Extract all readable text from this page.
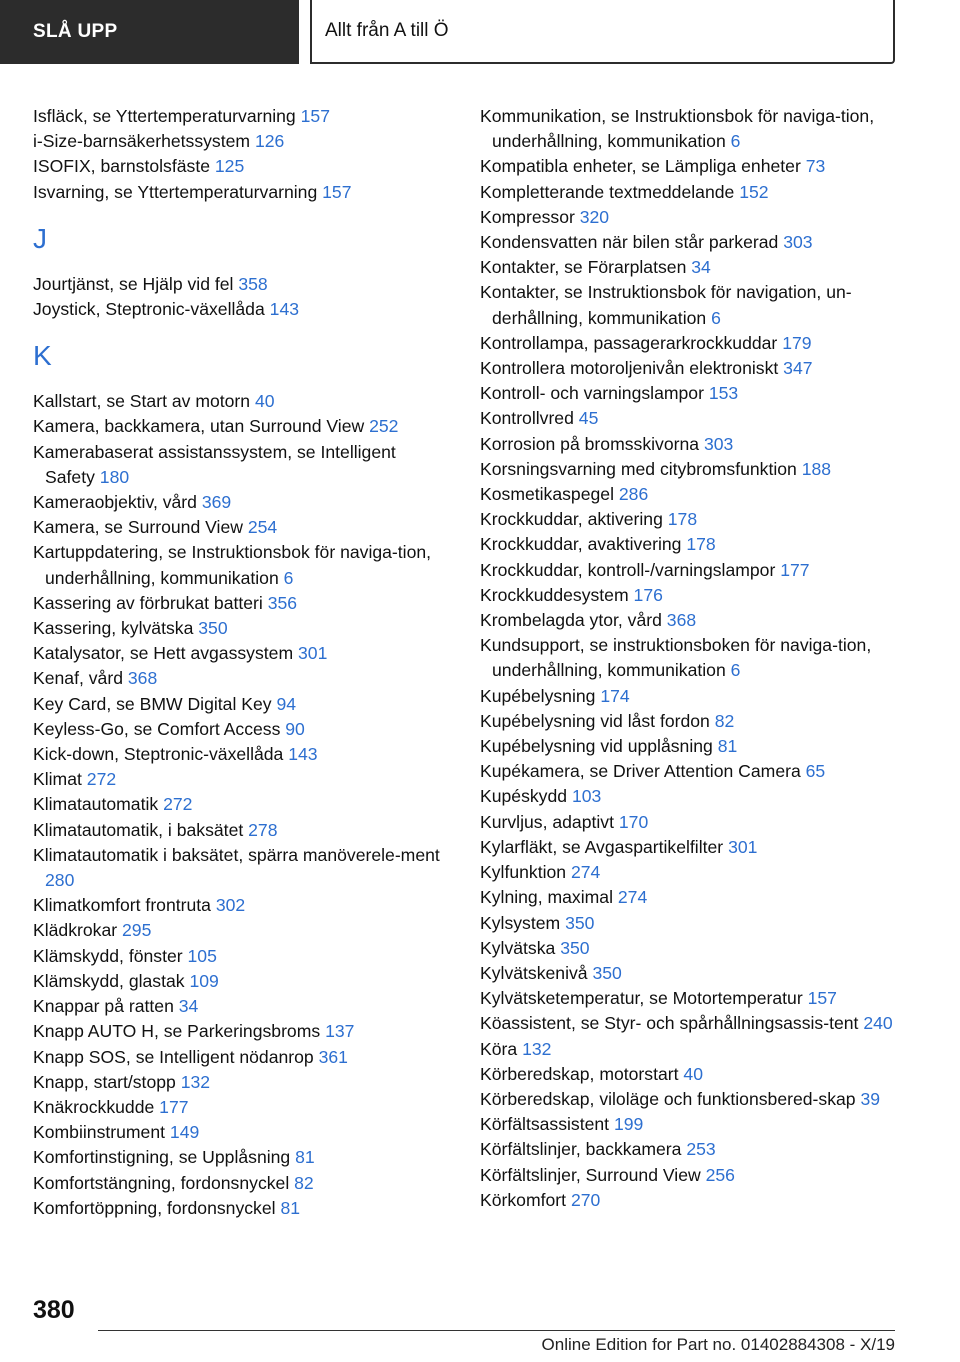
SLÅ UPP	Allt från A till Ö
Isfläck, se Yttertemperaturvarning 157
i-Size-barnsäkerhetssystem 126
ISOFIX, barnstolsfäste 125
Isvarning, se Yttertemperaturvarning 157
J
Jourtjänst, se Hjälp vid fel 358
Joystick, Steptronic-växellåda 143
K
Kallstart, se Start av motorn 40
Kamera, backkamera, utan Surround View 252
Kamerabaserat assistanssystem, se Intelligent Safety 180
Kameraobjektiv, vård 369
Kamera, se Surround View 254
Kartuppdatering, se Instruktionsbok för naviga-tion, underhållning, kommunikation 6
Kassering av förbrukat batteri 356
Kassering, kylvätska 350
Katalysator, se Hett avgassystem 301
Kenaf, vård 368
Key Card, se BMW Digital Key 94
Keyless-Go, se Comfort Access 90
Kick-down, Steptronic-växellåda 143
Klimat 272
Klimatautomatik 272
Klimatautomatik, i baksätet 278
Klimatautomatik i baksätet, spärra manöverele-ment 280
Klimatkomfort frontruta 302
Klädkrokar 295
Klämskydd, fönster 105
Klämskydd, glastak 109
Knappar på ratten 34
Knapp AUTO H, se Parkeringsbroms 137
Knapp SOS, se Intelligent nödanrop 361
Knapp, start/stopp 132
Knäkrockkudde 177
Kombiinstrument 149
Komfortinstigning, se Upplåsning 81
Komfortstängning, fordonsnyckel 82
Komfortöppning, fordonsnyckel 81
Kommunikation, se Instruktionsbok för naviga-tion, underhållning, kommunikation 6
Kompatibla enheter, se Lämpliga enheter 73
Kompletterande textmeddelande 152
Kompressor 320
Kondensvatten när bilen står parkerad 303
Kontakter, se Förarplatsen 34
Kontakter, se Instruktionsbok för navigation, un-derhållning, kommunikation 6
Kontrollampa, passagerarkrockkuddar 179
Kontrollera motoroljenivån elektroniskt 347
Kontroll- och varningslampor 153
Kontrollvred 45
Korrosion på bromsskivorna 303
Korsningsvarning med citybromsfunktion 188
Kosmetikaspegel 286
Krockkuddar, aktivering 178
Krockkuddar, avaktivering 178
Krockkuddar, kontroll-/varningslampor 177
Krockkuddesystem 176
Krombelagda ytor, vård 368
Kundsupport, se instruktionsboken för naviga-tion, underhållning, kommunikation 6
Kupébelysning 174
Kupébelysning vid låst fordon 82
Kupébelysning vid upplåsning 81
Kupékamera, se Driver Attention Camera 65
Kupéskydd 103
Kurvljus, adaptivt 170
Kylarfläkt, se Avgaspartikelfilter 301
Kylfunktion 274
Kylning, maximal 274
Kylsystem 350
Kylvätska 350
Kylvätskenivå 350
Kylvätsketemperatur, se Motortemperatur 157
Köassistent, se Styr- och spårhållningsassis-tent 240
Köra 132
Körberedskap, motorstart 40
Körberedskap, viloläge och funktionsbered-skap 39
Körfältsassistent 199
Körfältslinjer, backkamera 253
Körfältslinjer, Surround View 256
Körkomfort 270
380
Online Edition for Part no. 01402884308 - X/19
